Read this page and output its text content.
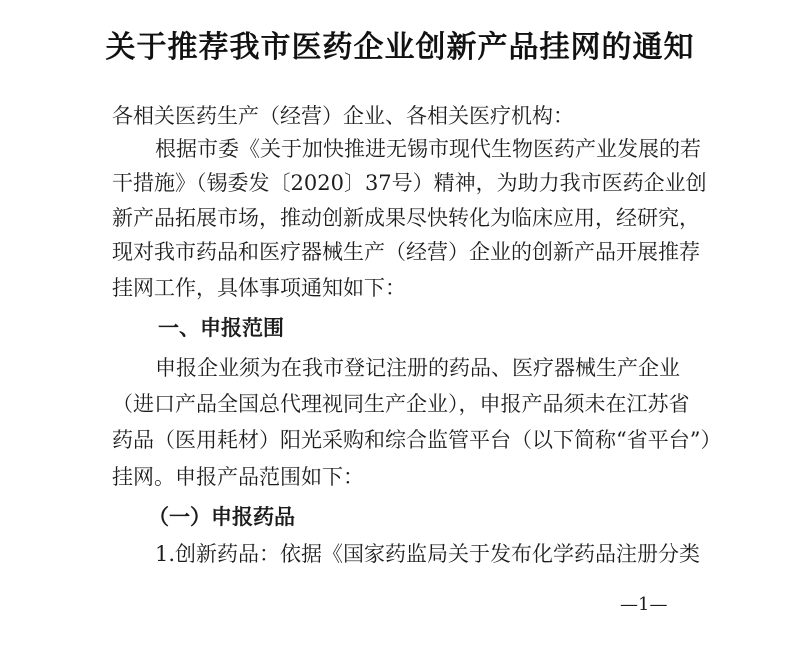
关于推荐我市医药企业创新产品挂网的通知
各相关医药生产（经营）企业、各相关医疗机构：
根据市委《关于加快推进无锡市现代生物医药产业发展的若
干措施》（锡委发〔2020〕37号）精神，为助力我市医药企业创
新产品拓展市场，推动创新成果尽快转化为临床应用，经研究，
现对我市药品和医疗器械生产（经营）企业的创新产品开展推荐
挂网工作，具体事项通知如下：
一、申报范围
申报企业须为在我市登记注册的药品、医疗器械生产企业
（进口产品全国总代理视同生产企业），申报产品须未在江苏省
药品（医用耗材）阳光采购和综合监管平台（以下简称“省平台”）
挂网。申报产品范围如下：
（一）申报药品
1.创新药品：依据《国家药监局关于发布化学药品注册分类
—1—
